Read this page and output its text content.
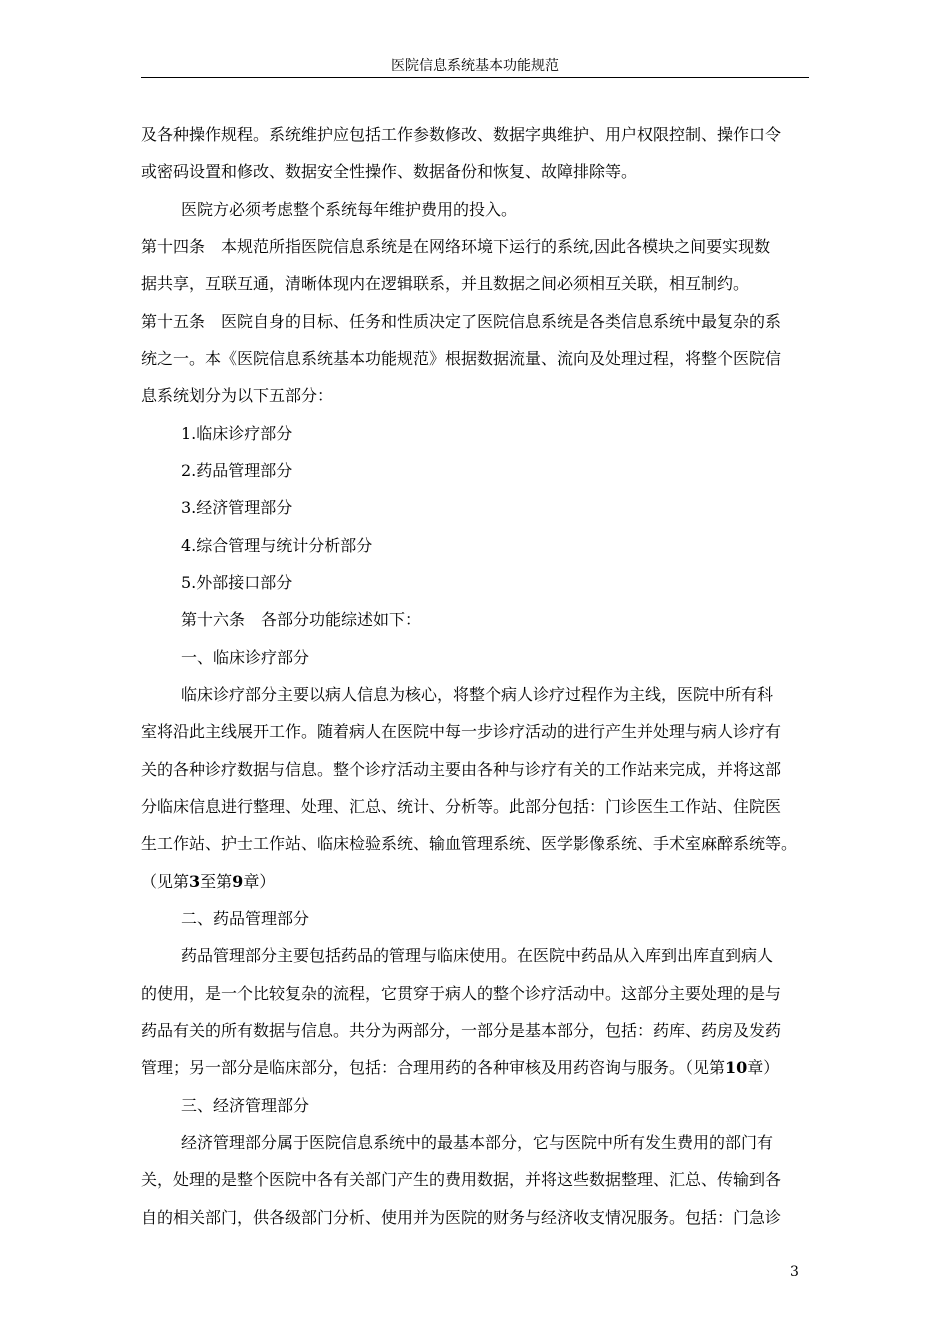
医院信息系统基本功能规范
及各种操作规程。系统维护应包括工作参数修改、数据字典维护、用户权限控制、操作口令
或密码设置和修改、数据安全性操作、数据备份和恢复、故障排除等。
医院方必须考虑整个系统每年维护费用的投入。
第十四条　本规范所指医院信息系统是在网络环境下运行的系统,因此各模块之间要实现数
据共享，互联互通，清晰体现内在逻辑联系，并且数据之间必须相互关联，相互制约。
第十五条　医院自身的目标、任务和性质决定了医院信息系统是各类信息系统中最复杂的系
统之一。本《医院信息系统基本功能规范》根据数据流量、流向及处理过程，将整个医院信
息系统划分为以下五部分：
1.临床诊疗部分
2.药品管理部分
3.经济管理部分
4.综合管理与统计分析部分
5.外部接口部分
第十六条　各部分功能综述如下：
一、临床诊疗部分
临床诊疗部分主要以病人信息为核心，将整个病人诊疗过程作为主线，医院中所有科
室将沿此主线展开工作。随着病人在医院中每一步诊疗活动的进行产生并处理与病人诊疗有
关的各种诊疗数据与信息。整个诊疗活动主要由各种与诊疗有关的工作站来完成，并将这部
分临床信息进行整理、处理、汇总、统计、分析等。此部分包括：门诊医生工作站、住院医
生工作站、护士工作站、临床检验系统、输血管理系统、医学影像系统、手术室麻醉系统等。
（见第3至第9章）
二、药品管理部分
药品管理部分主要包括药品的管理与临床使用。在医院中药品从入库到出库直到病人
的使用，是一个比较复杂的流程，它贯穿于病人的整个诊疗活动中。这部分主要处理的是与
药品有关的所有数据与信息。共分为两部分，一部分是基本部分，包括：药库、药房及发药
管理；另一部分是临床部分，包括：合理用药的各种审核及用药咨询与服务。（见第10章）
三、经济管理部分
经济管理部分属于医院信息系统中的最基本部分，它与医院中所有发生费用的部门有
关，处理的是整个医院中各有关部门产生的费用数据，并将这些数据整理、汇总、传输到各
自的相关部门，供各级部门分析、使用并为医院的财务与经济收支情况服务。包括：门急诊
3
